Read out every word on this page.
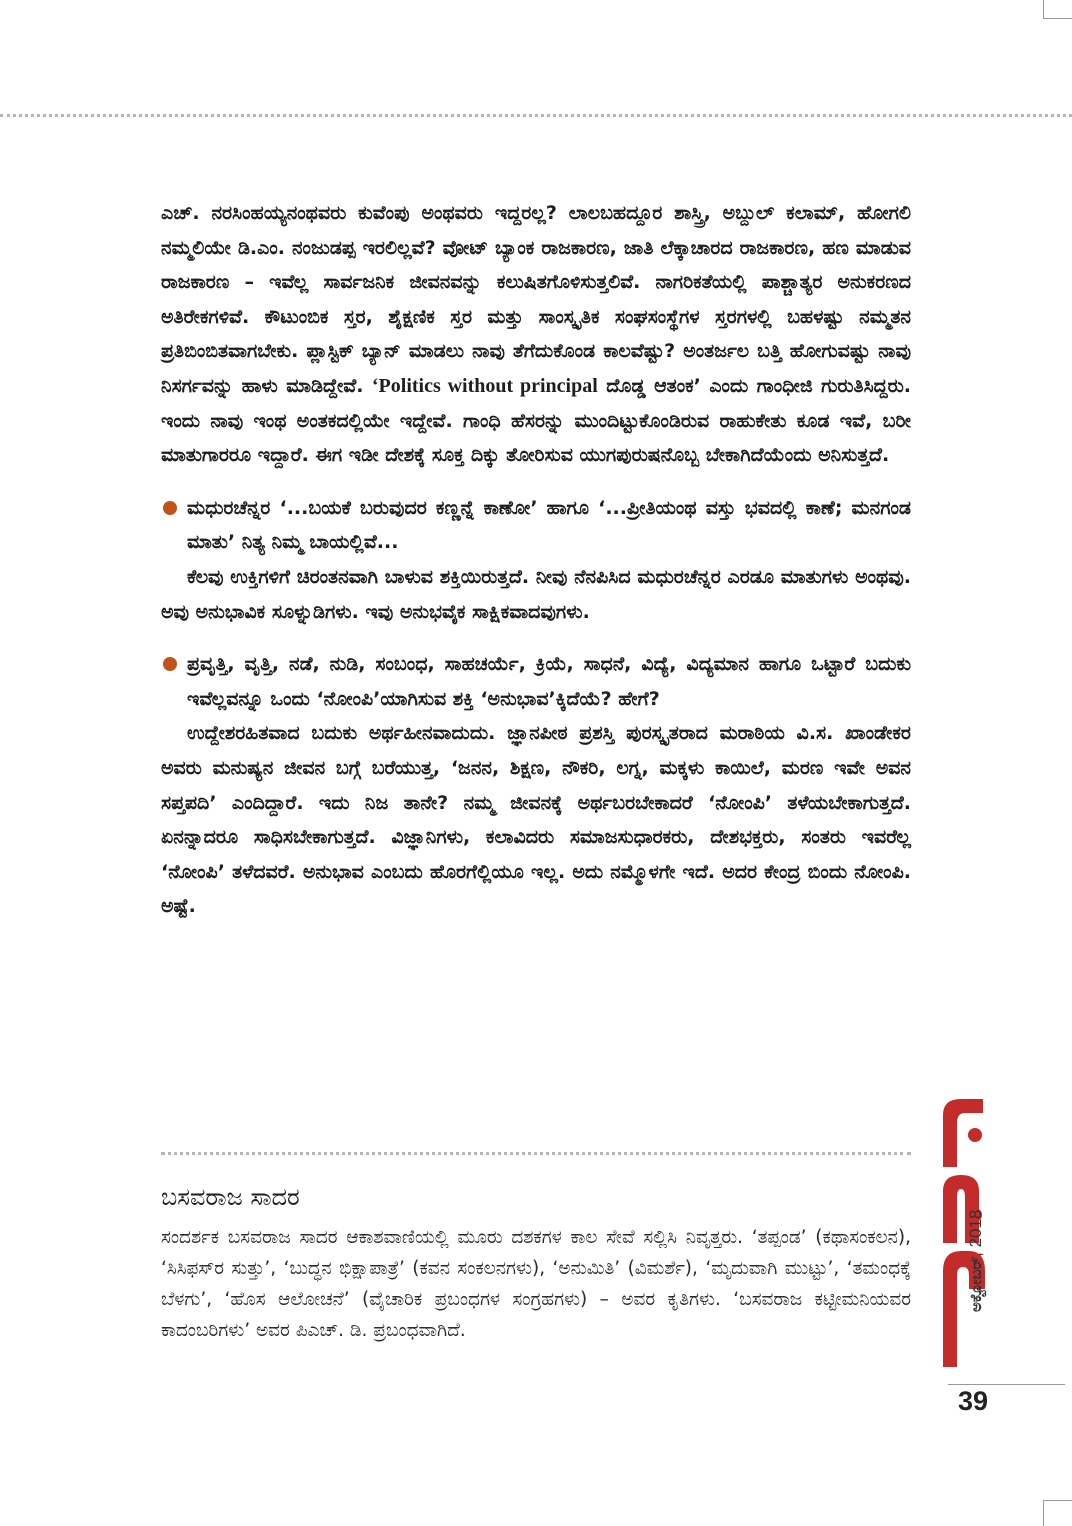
ಎಚ್. ನರಸಿಂಹಯ್ಯನಂಥವರು ಕುವೆಂಪು ಅಂಥವರು ಇದ್ದರಲ್ಲ? ಲಾಲಬಹದ್ದೂರ ಶಾಸ್ತ್ರಿ, ಅಬ್ದುಲ್ ಕಲಾಮ್, ಹೋಗಲಿ ನಮ್ಮಲಿಯೇ ಡಿ.ಎಂ. ನಂಜುಡಪ್ಪ ಇರಲಿಲ್ಲವೆ? ವೋಟ್ ಬ್ಯಾಂಕ ರಾಜಕಾರಣ, ಜಾತಿ ಲೆಕ್ಕಾಚಾರದ ರಾಜಕಾರಣ, ಹಣ ಮಾಡುವ ರಾಜಕಾರಣ – ಇವೆಲ್ಲ ಸಾರ್ವಜನಿಕ ಜೀವನವನ್ನು ಕಲುಷಿತಗೊಳಿಸುತ್ತಲಿವೆ. ನಾಗರಿಕತೆಯಲ್ಲಿ ಪಾಶ್ಚಾತ್ಯರ ಅನುಕರಣದ ಅತಿರೇಕಗಳಿವೆ. ಕೌಟುಂಬಿಕ ಸ್ತರ, ಶೈಕ್ಷಣಿಕ ಸ್ತರ ಮತ್ತು ಸಾಂಸ್ಕೃತಿಕ ಸಂಘಸಂಸ್ಥೆಗಳ ಸ್ತರಗಳಲ್ಲಿ ಬಹಳಷ್ಟು ನಮ್ಮತನ ಪ್ರತಿಬಿಂಬಿತವಾಗಬೇಕು. ಪ್ಲಾಸ್ಟಿಕ್ ಬ್ಯಾನ್ ಮಾಡಲು ನಾವು ತೆಗೆದುಕೊಂಡ ಕಾಲವೆಷ್ಟು? ಅಂತರ್ಜಲ ಬತ್ತಿ ಹೋಗುವಷ್ಟು ನಾವು ನಿಸರ್ಗವನ್ನು ಹಾಳು ಮಾಡಿದ್ದೇವೆ. ‘Politics without principal ದೊಡ್ಡ ಆತಂಕ’ ಎಂದು ಗಾಂಧೀಜಿ ಗುರುತಿಸಿದ್ದರು. ಇಂದು ನಾವು ಇಂಥ ಅಂತಕದಲ್ಲಿಯೇ ಇದ್ದೇವೆ. ಗಾಂಧಿ ಹೆಸರನ್ನು ಮುಂದಿಟ್ಟುಕೊಂಡಿರುವ ರಾಹುಕೇತು ಕೂಡ ಇವೆ, ಬರೀ ಮಾತುಗಾರರೂ ಇದ್ದಾರೆ. ಈಗ ಇಡೀ ದೇಶಕ್ಕೆ ಸೂಕ್ತ ದಿಕ್ಕು ತೋರಿಸುವ ಯುಗಪುರುಷನೊಬ್ಬ ಬೇಕಾಗಿದೆಯೆಂದು ಅನಿಸುತ್ತದೆ.

ಮಧುರಚೆನ್ನರ ‘...ಬಯಕೆ ಬರುವುದರ ಕಣ್ಣನ್ನೆ ಕಾಣೋ’ ಹಾಗೂ ‘...ಪ್ರೀತಿಯಂಥ ವಸ್ತು ಭವದಲ್ಲಿ ಕಾಣೆ; ಮನಗಂಡ ಮಾತು’ ನಿತ್ಯ ನಿಮ್ಮ ಬಾಯಲ್ಲಿವೆ...

ಕೆಲವು ಉಕ್ತಿಗಳಿಗೆ ಚಿರಂತನವಾಗಿ ಬಾಳುವ ಶಕ್ತಿಯಿರುತ್ತದೆ. ನೀವು ನೆನಪಿಸಿದ ಮಧುರಚೆನ್ನರ ಎರಡೂ ಮಾತುಗಳು ಅಂಥವು. ಅವು ಅನುಭಾವಿಕ ಸೂಳ್ನುಡಿಗಳು. ಇವು ಅನುಭವೈಕ ಸಾಕ್ಷಿಕವಾದವುಗಳು.

ಪ್ರವೃತ್ತಿ, ವೃತ್ತಿ, ನಡೆ, ನುಡಿ, ಸಂಬಂಧ, ಸಾಹಚರ್ಯೆ, ಕ್ರಿಯೆ, ಸಾಧನೆ, ವಿದ್ಯೆ, ವಿದ್ಯಮಾನ ಹಾಗೂ ಒಟ್ಟಾರೆ ಬದುಕು ಇವೆಲ್ಲವನ್ನೂ ಒಂದು ‘ನೋಂಪಿ’ಯಾಗಿಸುವ ಶಕ್ತಿ ‘ಅನುಭಾವ’ಕ್ಕಿದೆಯೆ? ಹೇಗೆ?

ಉದ್ದೇಶರಹಿತವಾದ ಬದುಕು ಅರ್ಥಹೀನವಾದುದು. ಜ್ಞಾನಪೀಠ ಪ್ರಶಸ್ತಿ ಪುರಸ್ಕೃತರಾದ ಮರಾಠಿಯ ವಿ.ಸ. ಖಾಂಡೇಕರ ಅವರು ಮನುಷ್ಯನ ಜೀವನ ಬಗ್ಗೆ ಬರೆಯುತ್ತ, ‘ಜನನ, ಶಿಕ್ಷಣ, ನೌಕರಿ, ಲಗ್ನ, ಮಕ್ಕಳು ಕಾಯಿಲೆ, ಮರಣ ಇವೇ ಅವನ ಸಪ್ತಪದಿ’ ಎಂದಿದ್ದಾರೆ. ಇದು ನಿಜ ತಾನೇ? ನಮ್ಮ ಜೀವನಕ್ಕೆ ಅರ್ಥಬರಬೇಕಾದರೆ ‘ನೋಂಪಿ’ ತಳೆಯಬೇಕಾಗುತ್ತದೆ. ಏನನ್ನಾದರೂ ಸಾಧಿಸಬೇಕಾಗುತ್ತದೆ. ವಿಜ್ಞಾನಿಗಳು, ಕಲಾವಿದರು ಸಮಾಜಸುಧಾರಕರು, ದೇಶಭಕ್ತರು, ಸಂತರು ಇವರೆಲ್ಲ ‘ನೋಂಪಿ’ ತಳೆದವರೆ. ಅನುಭಾವ ಎಂಬದು ಹೊರಗೆಲ್ಲಿಯೂ ಇಲ್ಲ. ಅದು ನಮ್ಮೊಳಗೇ ಇದೆ. ಅದರ ಕೇಂದ್ರ ಬಿಂದು ನೋಂಪಿ. ಅಷ್ಟೆ.

ಬಸವರಾಜ ಸಾದರ

ಸಂದರ್ಶಕ ಬಸವರಾಜ ಸಾದರ ಆಕಾಶವಾಣಿಯಲ್ಲಿ ಮೂರು ದಶಕಗಳ ಕಾಲ ಸೇವೆ ಸಲ್ಲಿಸಿ ನಿವೃತ್ತರು. ‘ತಪ್ಪಂಡ’ (ಕಥಾಸಂಕಲನ), ‘ಸಿಸಿಫಸ್‌ರ ಸುತ್ತು’, ‘ಬುದ್ಧನ ಭಿಕ್ಷಾಪಾತ್ರೆ’ (ಕವನ ಸಂಕಲನಗಳು), ‘ಅನುಮಿತಿ’ (ವಿಮರ್ಶೆ), ‘ಮೃದುವಾಗಿ ಮುಟ್ಟು’, ‘ತಮಂಧಕ್ಕೆ ಬೆಳಗು’, ‘ಹೊಸ ಆಲೋಚನೆ’ (ವೈಚಾರಿಕ ಪ್ರಬಂಧಗಳ ಸಂಗ್ರಹಗಳು) – ಅವರ ಕೃತಿಗಳು. ‘ಬಸವರಾಜ ಕಟ್ಟೀಮನಿಯವರ ಕಾದಂಬರಿಗಳು’ ಅವರ ಪಿಎಚ್. ಡಿ. ಪ್ರಬಂಧವಾಗಿದೆ.

ಅಕ್ಟೋಬರ್, 2018
39
